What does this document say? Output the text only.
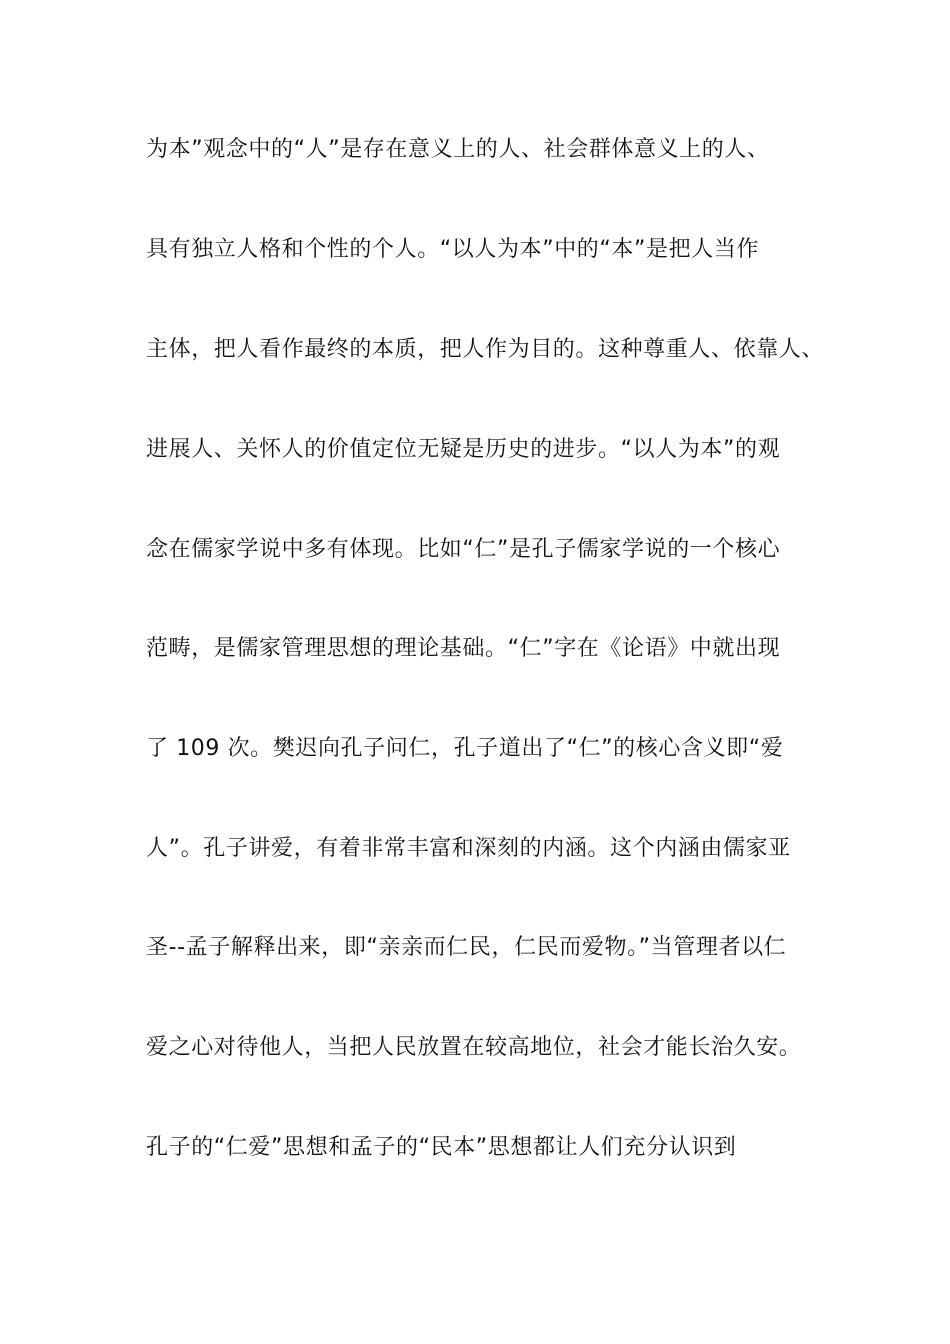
为本”观念中的“人”是存在意义上的人、社会群体意义上的人、
具有独立人格和个性的个人。“以人为本”中的“本”是把人当作
主体，把人看作最终的本质，把人作为目的。这种尊重人、依靠人、
进展人、关怀人的价值定位无疑是历史的进步。“以人为本”的观
念在儒家学说中多有体现。比如“仁”是孔子儒家学说的一个核心
范畴，是儒家管理思想的理论基础。“仁”字在《论语》中就出现
了 109 次。樊迟向孔子问仁，孔子道出了“仁”的核心含义即“爱
人”。孔子讲爱，有着非常丰富和深刻的内涵。这个内涵由儒家亚
圣--孟子解释出来，即“亲亲而仁民，仁民而爱物。”当管理者以仁
爱之心对待他人，当把人民放置在较高地位，社会才能长治久安。
孔子的“仁爱”思想和孟子的“民本”思想都让人们充分认识到
